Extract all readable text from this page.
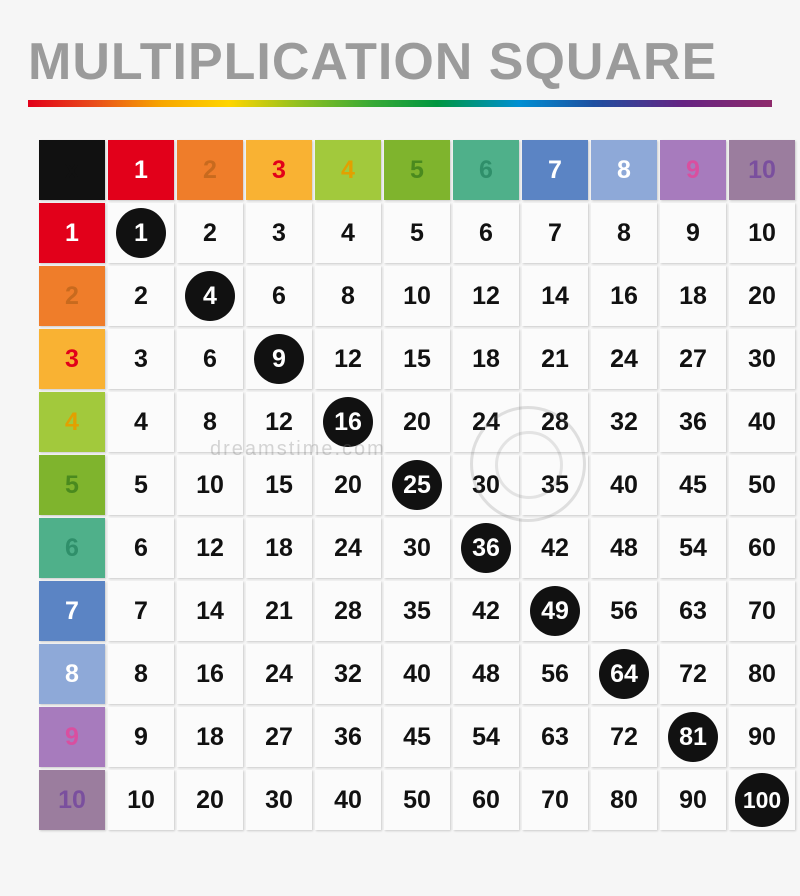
MULTIPLICATION SQUARE
x	1	2	3	4	5	6	7	8	9	10
1	1	2	3	4	5	6	7	8	9	10
2	2	4	6	8	10	12	14	16	18	20
3	3	6	9	12	15	18	21	24	27	30
4	4	8	12	16	20	24	28	32	36	40
5	5	10	15	20	25	30	35	40	45	50
6	6	12	18	24	30	36	42	48	54	60
7	7	14	21	28	35	42	49	56	63	70
8	8	16	24	32	40	48	56	64	72	80
9	9	18	27	36	45	54	63	72	81	90
10	10	20	30	40	50	60	70	80	90	100
dreamstime.com
